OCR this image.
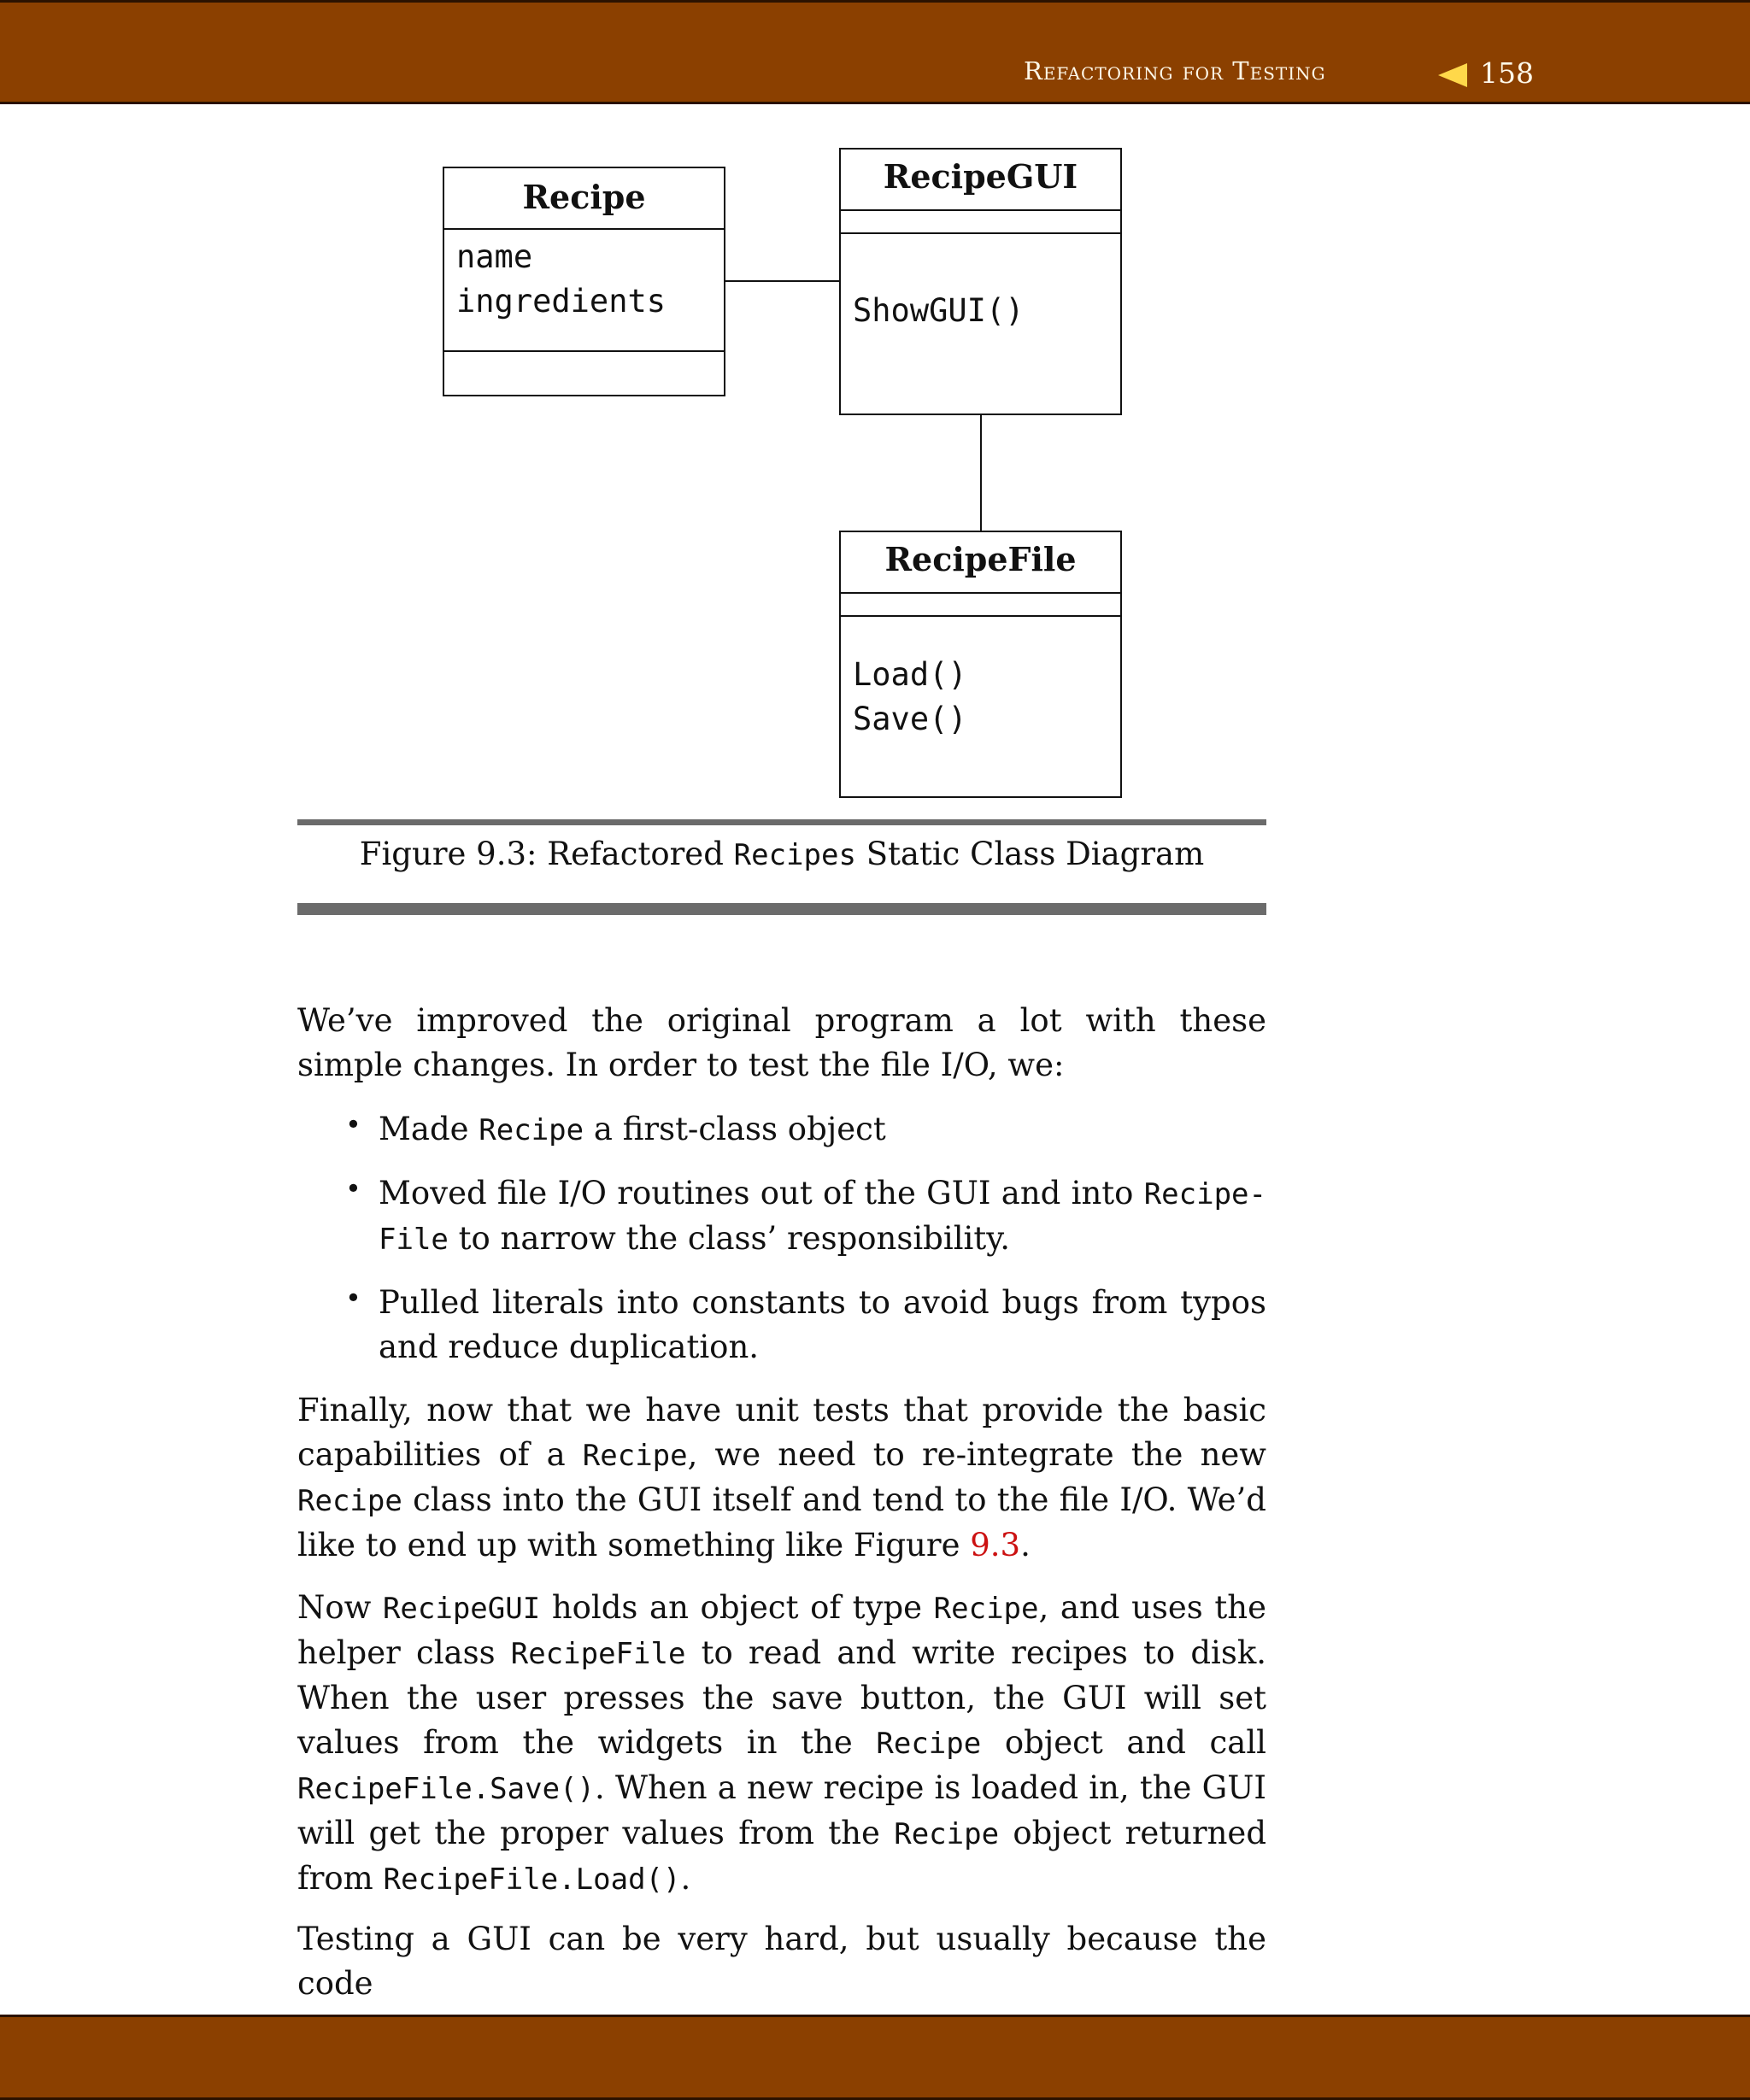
Refactoring for Testing	158
Recipe
name
ingredients
RecipeGUI
ShowGUI()
RecipeFile
Load()
Save()
Figure 9.3: Refactored Recipes Static Class Diagram

We’ve improved the original program a lot with these simple changes. In order to test the file I/O, we:

• Made Recipe a first-class object

• Moved file I/O routines out of the GUI and into Recipe-File to narrow the class’ responsibility.

• Pulled literals into constants to avoid bugs from typos and reduce duplication.

Finally, now that we have unit tests that provide the basic capabilities of a Recipe, we need to re-integrate the new Recipe class into the GUI itself and tend to the file I/O. We’d like to end up with something like Figure 9.3.

Now RecipeGUI holds an object of type Recipe, and uses the helper class RecipeFile to read and write recipes to disk. When the user presses the save button, the GUI will set values from the widgets in the Recipe object and call RecipeFile.Save(). When a new recipe is loaded in, the GUI will get the proper values from the Recipe object returned from RecipeFile.Load().

Testing a GUI can be very hard, but usually because the code
